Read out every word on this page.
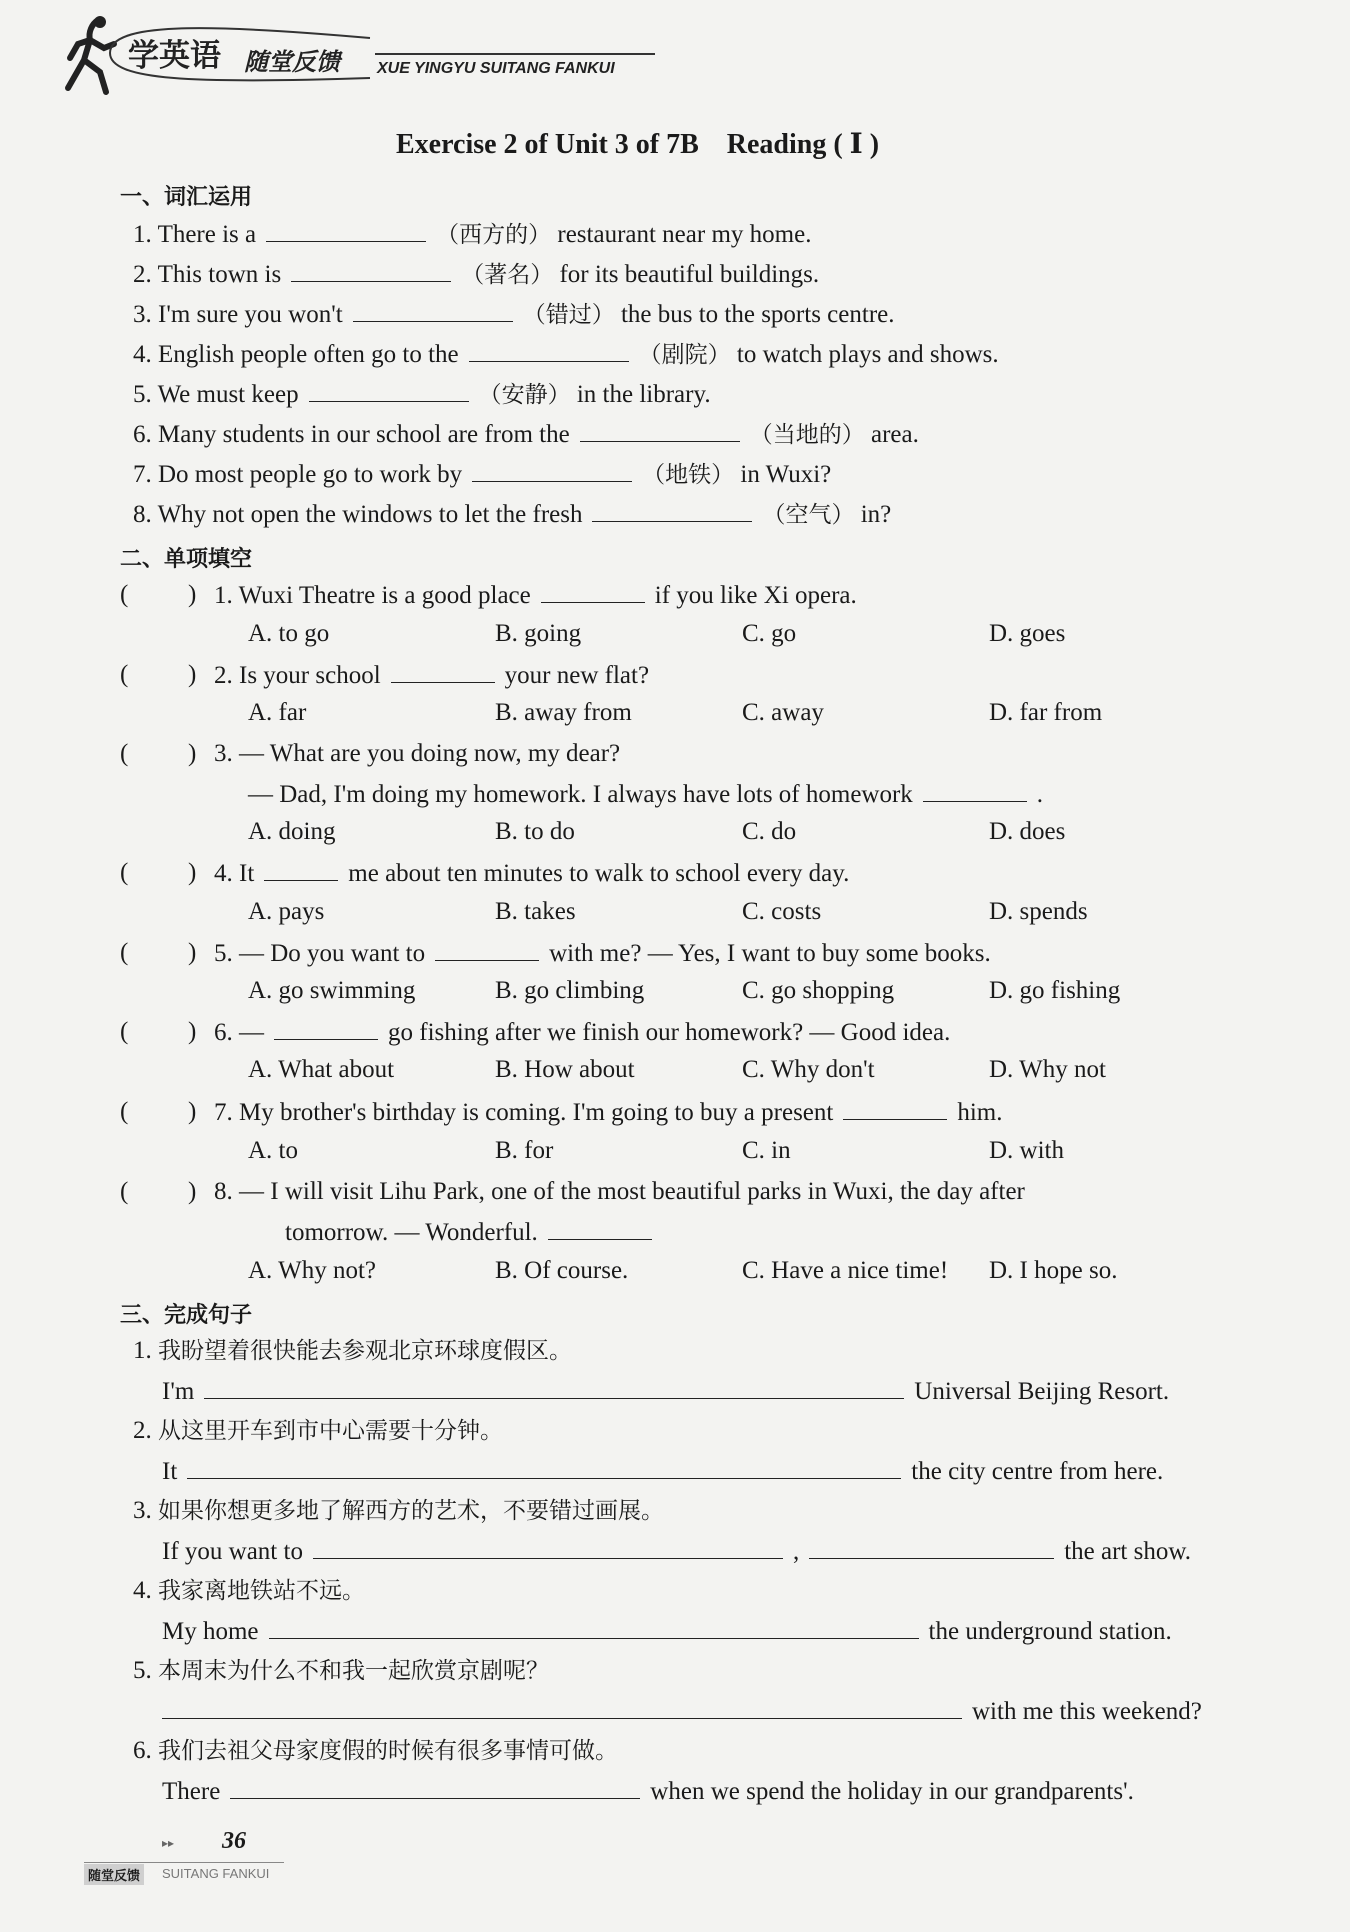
学英语 随堂反馈 XUE YINGYU SUITANG FANKUI
Exercise 2 of Unit 3 of 7B　Reading ( Ⅰ )
一、词汇运用
1. There is a	（西方的） restaurant near my home.
2. This town is	（著名） for its beautiful buildings.
3. I'm sure you won't	（错过） the bus to the sports centre.
4. English people often go to the	（剧院） to watch plays and shows.
5. We must keep	（安静） in the library.
6. Many students in our school are from the	（当地的） area.
7. Do most people go to work by	（地铁） in Wuxi?
8. Why not open the windows to let the fresh	（空气） in?
二、单项填空
( ) 1. Wuxi Theatre is a good place	if you like Xi opera.
A. to go	B. going	C. go	D. goes
( ) 2. Is your school	your new flat?
A. far	B. away from	C. away	D. far from
( ) 3. — What are you doing now, my dear?
— Dad, I'm doing my homework. I always have lots of homework	.
A. doing	B. to do	C. do	D. does
( ) 4. It	me about ten minutes to walk to school every day.
A. pays	B. takes	C. costs	D. spends
( ) 5. — Do you want to	with me? — Yes, I want to buy some books.
A. go swimming	B. go climbing	C. go shopping	D. go fishing
( ) 6. —	go fishing after we finish our homework? — Good idea.
A. What about	B. How about	C. Why don't	D. Why not
( ) 7. My brother's birthday is coming. I'm going to buy a present	him.
A. to	B. for	C. in	D. with
( ) 8. — I will visit Lihu Park, one of the most beautiful parks in Wuxi, the day after
tomorrow. — Wonderful.
A. Why not?	B. Of course.	C. Have a nice time! D. I hope so.
三、完成句子
1. 我盼望着很快能去参观北京环球度假区。
I'm	Universal Beijing Resort.
2. 从这里开车到市中心需要十分钟。
It	the city centre from here.
3. 如果你想更多地了解西方的艺术，不要错过画展。
If you want to	,	the art show.
4. 我家离地铁站不远。
My home	the underground station.
5. 本周末为什么不和我一起欣赏京剧呢？
with me this weekend?
6. 我们去祖父母家度假的时候有很多事情可做。
There	when we spend the holiday in our grandparents'.
▸▸ 36
随堂反馈	SUITANG FANKUI
